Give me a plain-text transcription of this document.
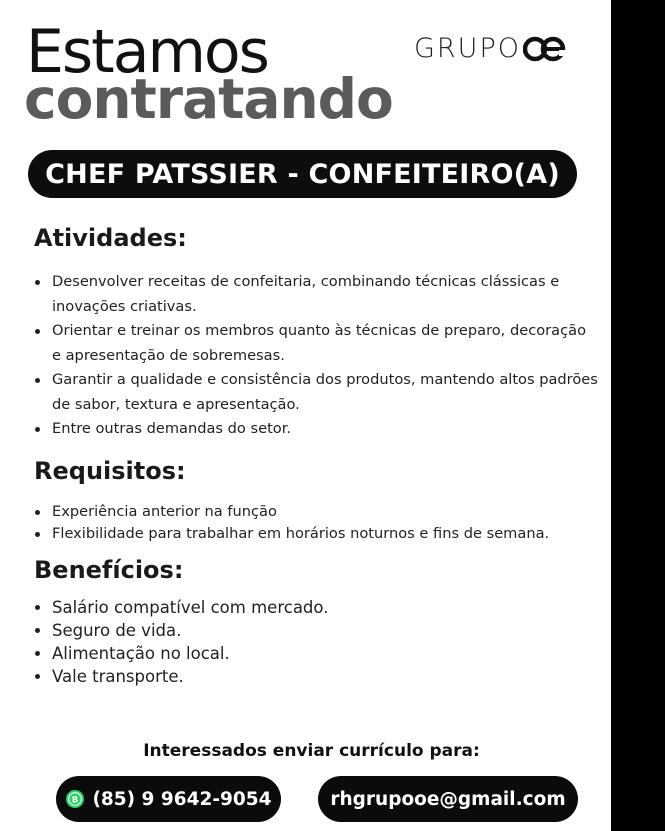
Estamos
contratando
GRUPO
CHEF PATSSIER - CONFEITEIRO(A)
Atividades:
Desenvolver receitas de confeitaria, combinando técnicas clássicas e inovações criativas.
Orientar e treinar os membros quanto às técnicas de preparo, decoração e apresentação de sobremesas.
Garantir a qualidade e consistência dos produtos, mantendo altos padrões de sabor, textura e apresentação.
Entre outras demandas do setor.
Requisitos:
Experiência anterior na função
Flexibilidade para trabalhar em horários noturnos e fins de semana.
Benefícios:
Salário compatível com mercado.
Seguro de vida.
Alimentação no local.
Vale transporte.
Interessados enviar currículo para:
B (85) 9 9642-9054	rhgrupooe@gmail.com
